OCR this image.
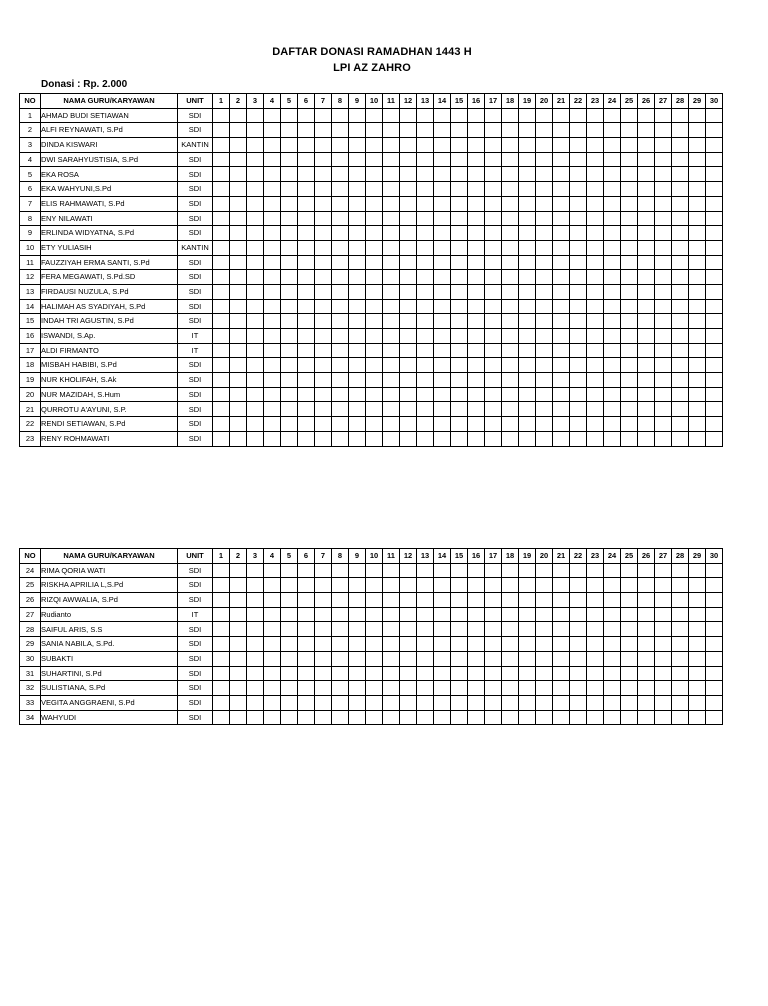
DAFTAR DONASI RAMADHAN 1443 H
LPI AZ ZAHRO
Donasi : Rp. 2.000
NO	NAMA GURU/KARYAWAN	UNIT	1	2	3	4	5	6	7	8	9	10	11	12	13	14	15	16	17	18	19	20	21	22	23	24	25	26	27	28	29	30
1	AHMAD BUDI SETIAWAN	SDI																														
2	ALFI REYNAWATI, S.Pd	SDI																														
3	DINDA KISWARI	KANTIN																														
4	DWI SARAHYUSTISIA, S.Pd	SDI																														
5	EKA ROSA	SDI																														
6	EKA WAHYUNI,S.Pd	SDI																														
7	ELIS RAHMAWATI, S.Pd	SDI																														
8	ENY NILAWATI	SDI																														
9	ERLINDA WIDYATNA, S.Pd	SDI																														
10	ETY YULIASIH	KANTIN																														
11	FAUZZIYAH ERMA SANTI, S.Pd	SDI																														
12	FERA MEGAWATI, S.Pd.SD	SDI																														
13	FIRDAUSI NUZULA, S.Pd	SDI																														
14	HALIMAH AS SYADIYAH, S.Pd	SDI																														
15	INDAH TRI AGUSTIN, S.Pd	SDI																														
16	ISWANDI, S.Ap.	IT																														
17	ALDI FIRMANTO	IT																														
18	MISBAH HABIBI, S.Pd	SDI																														
19	NUR KHOLIFAH, S.Ak	SDI																														
20	NUR MAZIDAH, S.Hum	SDI																														
21	QURROTU A'AYUNI, S.P.	SDI																														
22	RENDI SETIAWAN, S.Pd	SDI																														
23	RENY ROHMAWATI	SDI																														
NO	NAMA GURU/KARYAWAN	UNIT	1	2	3	4	5	6	7	8	9	10	11	12	13	14	15	16	17	18	19	20	21	22	23	24	25	26	27	28	29	30
24	RIMA QORIA WATI	SDI																														
25	RISKHA APRILIA L,S.Pd	SDI																														
26	RIZQI AWWALIA, S.Pd	SDI																														
27	Rudianto	IT																														
28	SAIFUL ARIS, S.S	SDI																														
29	SANIA NABILA, S.Pd.	SDI																														
30	SUBAKTI	SDI																														
31	SUHARTINI, S.Pd	SDI																														
32	SULISTIANA, S.Pd	SDI																														
33	VEGITA ANGGRAENI, S.Pd	SDI																														
34	WAHYUDI	SDI																														
